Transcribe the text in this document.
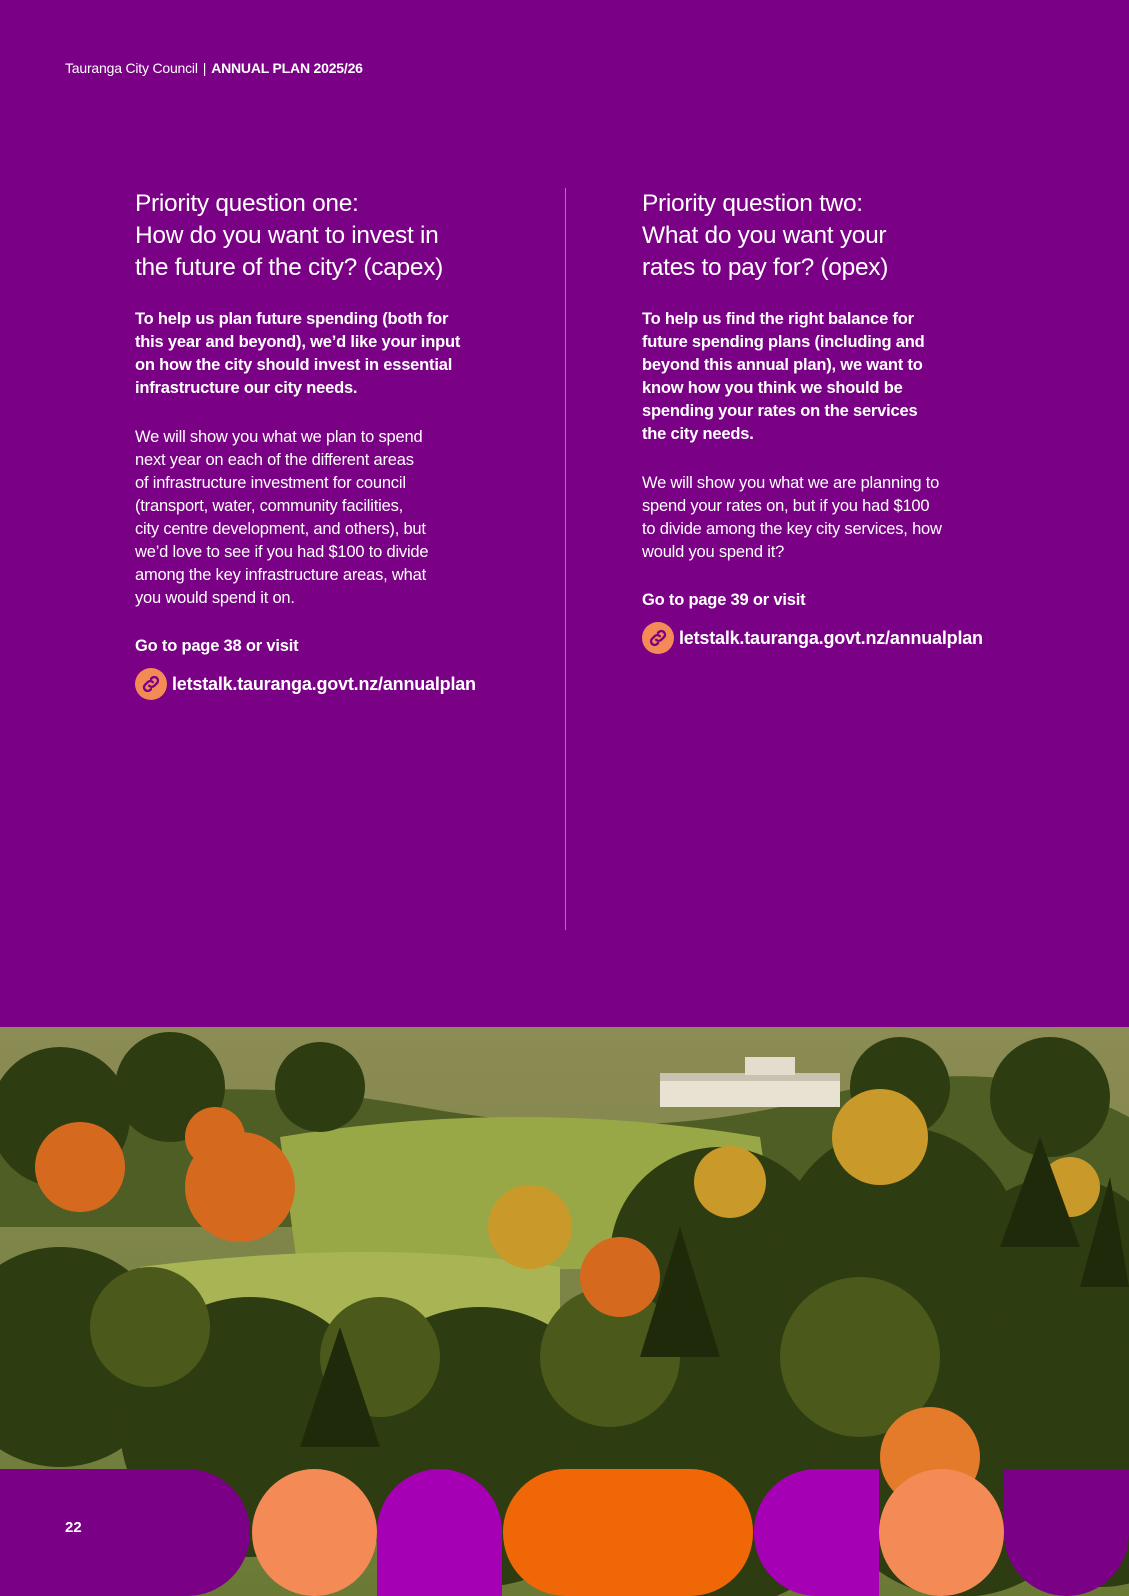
Tauranga City Council | ANNUAL PLAN 2025/26
Priority question one:
How do you want to invest in
the future of the city? (capex)

To help us plan future spending (both for
this year and beyond), we’d like your input
on how the city should invest in essential
infrastructure our city needs.

We will show you what we plan to spend
next year on each of the different areas
of infrastructure investment for council
(transport, water, community facilities,
city centre development, and others), but
we’d love to see if you had $100 to divide
among the key infrastructure areas, what
you would spend it on.

Go to page 38 or visit

letstalk.tauranga.govt.nz/annualplan
Priority question two:
What do you want your
rates to pay for? (opex)

To help us find the right balance for
future spending plans (including and
beyond this annual plan), we want to
know how you think we should be
spending your rates on the services
the city needs.

We will show you what we are planning to
spend your rates on, but if you had $100
to divide among the key city services, how
would you spend it?

Go to page 39 or visit

letstalk.tauranga.govt.nz/annualplan
22
